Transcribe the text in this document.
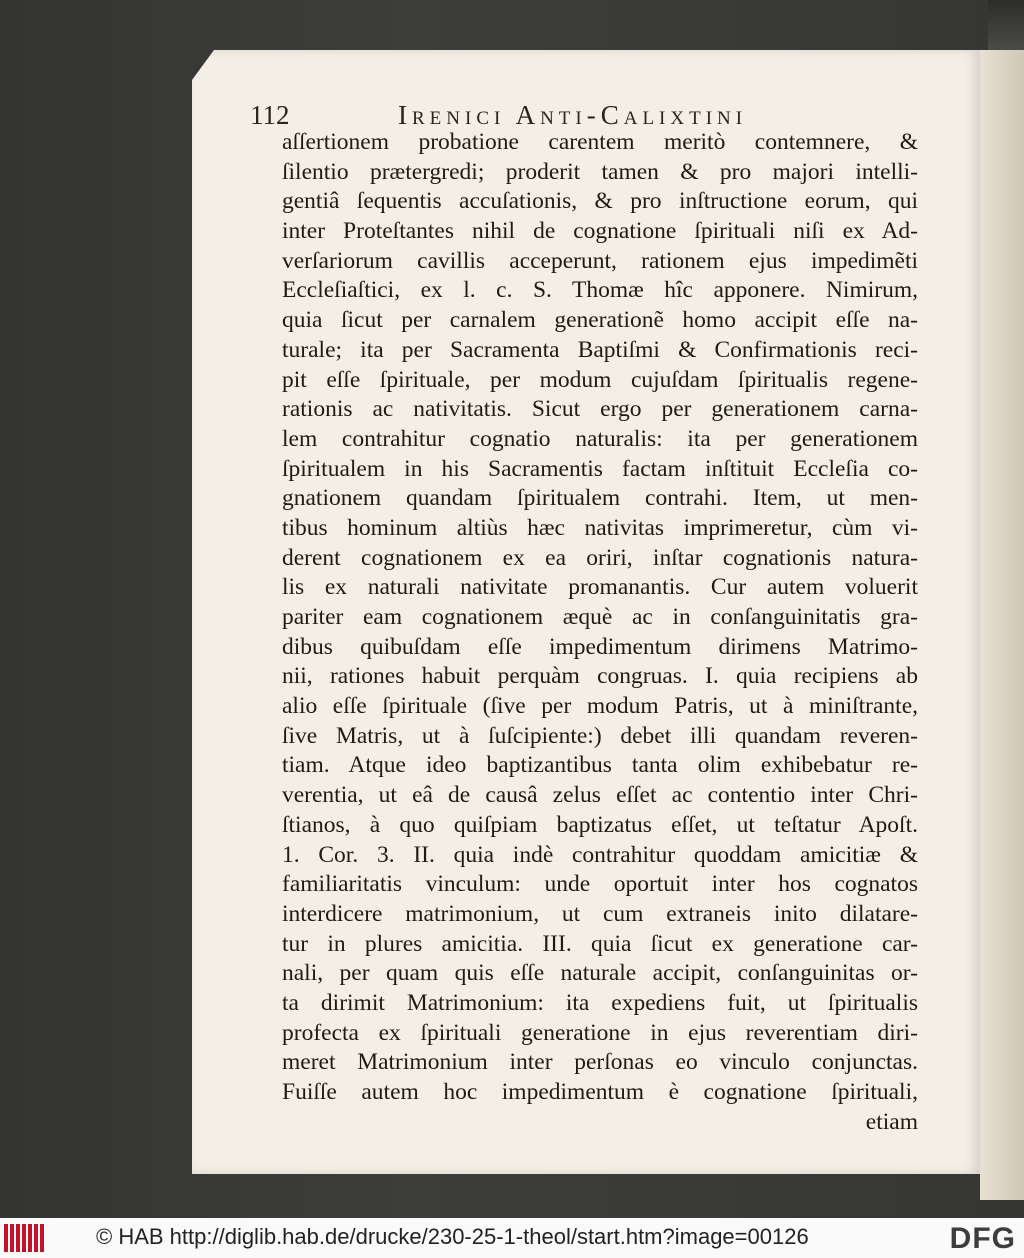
112	Irenici Anti-Calixtini
aſſertionem probatione carentem meritò contemnere, &
ſilentio prætergredi; proderit tamen & pro majori intelli-
gentiâ ſequentis accuſationis, & pro inſtructione eorum, qui
inter Proteſtantes nihil de cognatione ſpirituali niſi ex Ad-
verſariorum cavillis acceperunt, rationem ejus impedimẽti
Eccleſiaſtici, ex l. c. S. Thomæ hîc apponere. Nimirum,
quia ſicut per carnalem generationẽ homo accipit eſſe na-
turale; ita per Sacramenta Baptiſmi & Confirmationis reci-
pit eſſe ſpirituale, per modum cujuſdam ſpiritualis regene-
rationis ac nativitatis. Sicut ergo per generationem carna-
lem contrahitur cognatio naturalis: ita per generationem
ſpiritualem in his Sacramentis factam inſtituit Eccleſia co-
gnationem quandam ſpiritualem contrahi. Item, ut men-
tibus hominum altiùs hæc nativitas imprimeretur, cùm vi-
derent cognationem ex ea oriri, inſtar cognationis natura-
lis ex naturali nativitate promanantis. Cur autem voluerit
pariter eam cognationem æquè ac in conſanguinitatis gra-
dibus quibuſdam eſſe impedimentum dirimens Matrimo-
nii, rationes habuit perquàm congruas. I. quia recipiens ab
alio eſſe ſpirituale (ſive per modum Patris, ut à miniſtrante,
ſive Matris, ut à ſuſcipiente:) debet illi quandam reveren-
tiam. Atque ideo baptizantibus tanta olim exhibebatur re-
verentia, ut eâ de causâ zelus eſſet ac contentio inter Chri-
ſtianos, à quo quiſpiam baptizatus eſſet, ut teſtatur Apoſt.
1. Cor. 3. II. quia indè contrahitur quoddam amicitiæ &
familiaritatis vinculum: unde oportuit inter hos cognatos
interdicere matrimonium, ut cum extraneis inito dilatare-
tur in plures amicitia. III. quia ſicut ex generatione car-
nali, per quam quis eſſe naturale accipit, conſanguinitas or-
ta dirimit Matrimonium: ita expediens fuit, ut ſpiritualis
profecta ex ſpirituali generatione in ejus reverentiam diri-
meret Matrimonium inter perſonas eo vinculo conjunctas.
Fuiſſe autem hoc impedimentum è cognatione ſpirituali,
etiam
© HAB http://diglib.hab.de/drucke/230-25-1-theol/start.htm?image=00126	DFG
